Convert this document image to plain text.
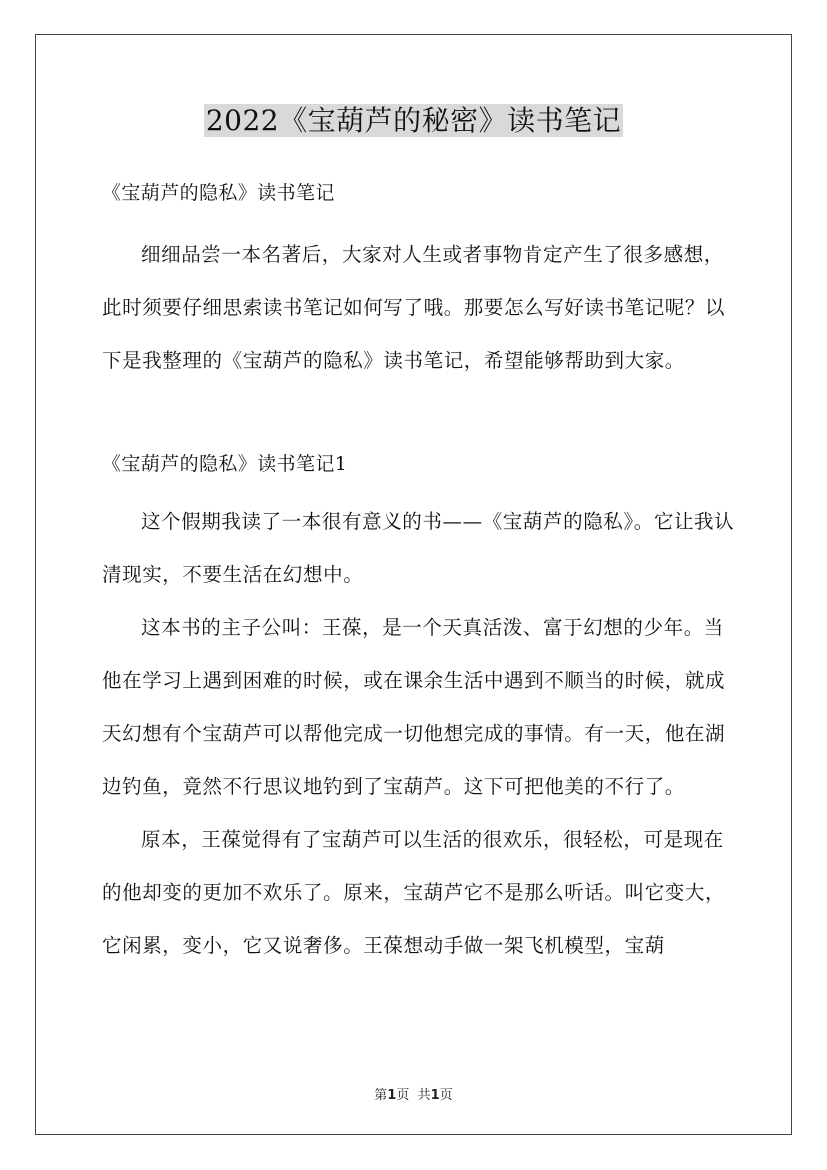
2022《宝葫芦的秘密》读书笔记
《宝葫芦的隐私》读书笔记

细细品尝一本名著后，大家对人生或者事物肯定产生了很多感想，此时须要仔细思索读书笔记如何写了哦。那要怎么写好读书笔记呢？以下是我整理的《宝葫芦的隐私》读书笔记，希望能够帮助到大家。

《宝葫芦的隐私》读书笔记1

这个假期我读了一本很有意义的书——《宝葫芦的隐私》。它让我认清现实，不要生活在幻想中。

这本书的主子公叫：王葆，是一个天真活泼、富于幻想的少年。当他在学习上遇到困难的时候，或在课余生活中遇到不顺当的时候，就成天幻想有个宝葫芦可以帮他完成一切他想完成的事情。有一天，他在湖边钓鱼，竟然不行思议地钓到了宝葫芦。这下可把他美的不行了。

原本，王葆觉得有了宝葫芦可以生活的很欢乐，很轻松，可是现在的他却变的更加不欢乐了。原来，宝葫芦它不是那么听话。叫它变大，它闲累，变小，它又说奢侈。王葆想动手做一架飞机模型，宝葫

第1页 共1页
